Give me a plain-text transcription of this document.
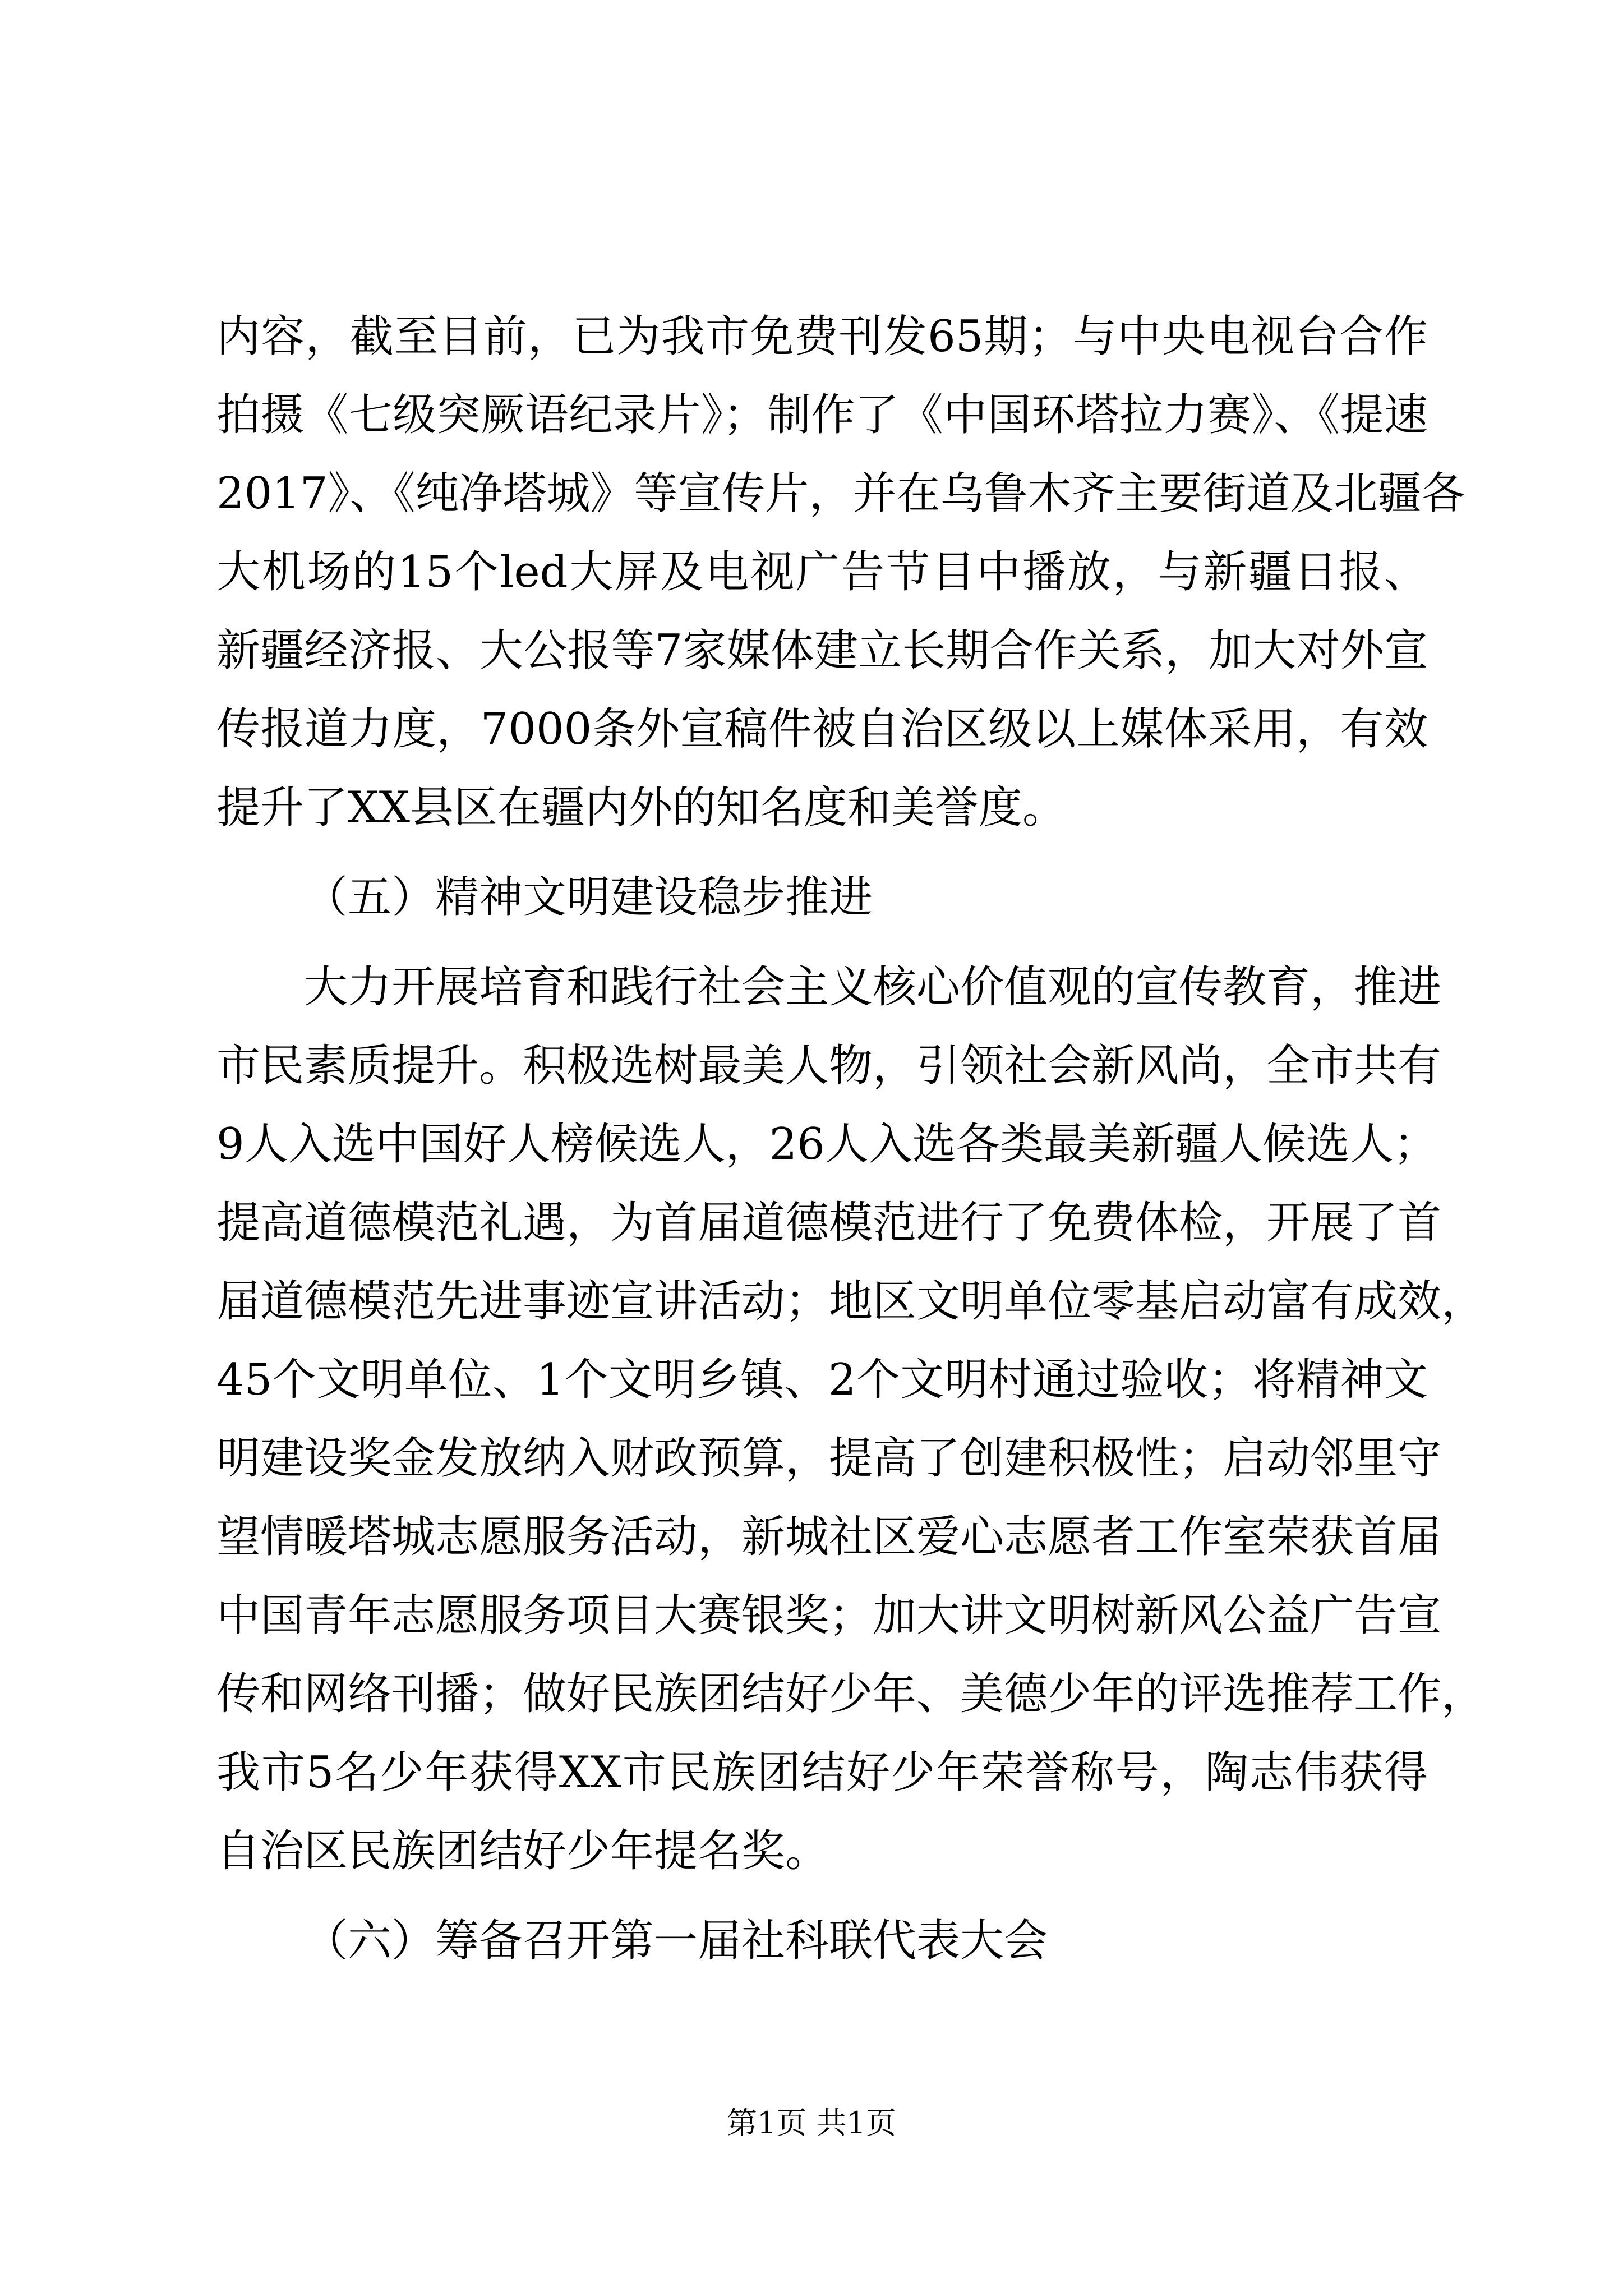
内容，截至目前，已为我市免费刊发65期；与中央电视台合作
拍摄《七级突厥语纪录片》；制作了《中国环塔拉力赛》、《提速
2017》、《纯净塔城》等宣传片，并在乌鲁木齐主要街道及北疆各
大机场的15个led大屏及电视广告节目中播放，与新疆日报、
新疆经济报、大公报等7家媒体建立长期合作关系，加大对外宣
传报道力度，7000条外宣稿件被自治区级以上媒体采用，有效
提升了XX县区在疆内外的知名度和美誉度。
（五）精神文明建设稳步推进
大力开展培育和践行社会主义核心价值观的宣传教育，推进
市民素质提升。积极选树最美人物，引领社会新风尚，全市共有
9人入选中国好人榜候选人，26人入选各类最美新疆人候选人；
提高道德模范礼遇，为首届道德模范进行了免费体检，开展了首
届道德模范先进事迹宣讲活动；地区文明单位零基启动富有成效，
45个文明单位、1个文明乡镇、2个文明村通过验收；将精神文
明建设奖金发放纳入财政预算，提高了创建积极性；启动邻里守
望情暖塔城志愿服务活动，新城社区爱心志愿者工作室荣获首届
中国青年志愿服务项目大赛银奖；加大讲文明树新风公益广告宣
传和网络刊播；做好民族团结好少年、美德少年的评选推荐工作，
我市5名少年获得XX市民族团结好少年荣誉称号，陶志伟获得
自治区民族团结好少年提名奖。
（六）筹备召开第一届社科联代表大会
第1页 共1页
